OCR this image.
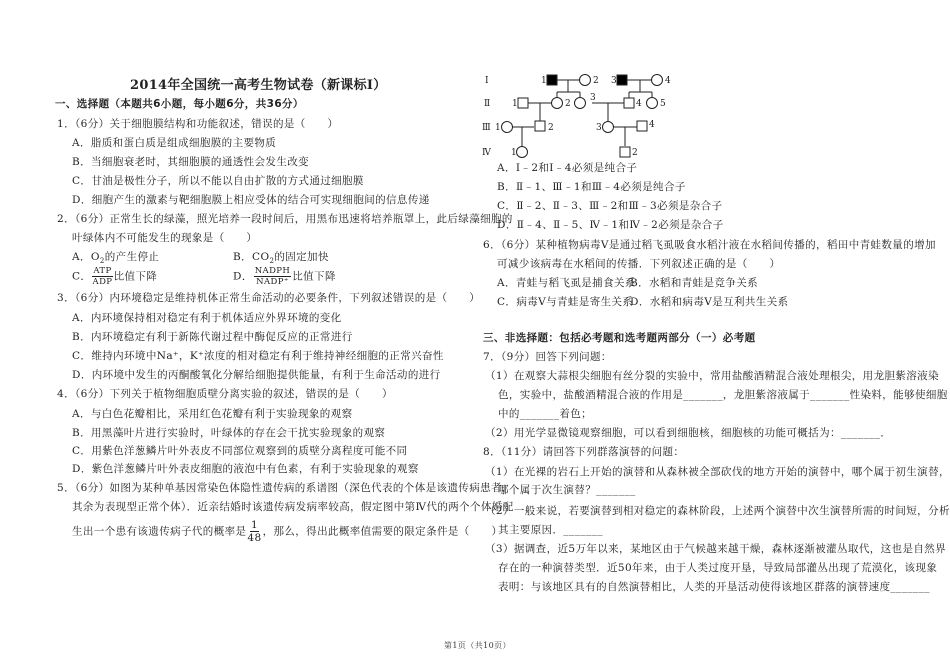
2014年全国统一高考生物试卷（新课标Ⅰ）
一、选择题（本题共6小题，每小题6分，共36分）
1．（6分）关于细胞膜结构和功能叙述，错误的是（　　）
A．脂质和蛋白质是组成细胞膜的主要物质
B．当细胞衰老时，其细胞膜的通透性会发生改变
C．甘油是极性分子，所以不能以自由扩散的方式通过细胞膜
D．细胞产生的激素与靶细胞膜上相应受体的结合可实现细胞间的信息传递
2．（6分）正常生长的绿藻，照光培养一段时间后，用黑布迅速将培养瓶罩上，此后绿藻细胞的
叶绿体内不可能发生的现象是（　　）
A．$O_2$的产生停止	B．$CO_2$的固定加快
C． $\frac{\text{ATP}}{\text{ADP}}$ 比值下降	D． $\frac{\text{NADPH}}{\text{NADP⁺}}$ 比值下降
3．（6分）内环境稳定是维持机体正常生命活动的必要条件，下列叙述错误的是（　　）
A．内环境保持相对稳定有利于机体适应外界环境的变化
B．内环境稳定有利于新陈代谢过程中酶促反应的正常进行
C．维持内环境中Na⁺，K⁺浓度的相对稳定有利于维持神经细胞的正常兴奋性
D．内环境中发生的丙酮酸氧化分解给细胞提供能量，有利于生命活动的进行
4．（6分）下列关于植物细胞质壁分离实验的叙述，错误的是（　　）
A．与白色花瓣相比，采用红色花瓣有利于实验现象的观察
B．用黑藻叶片进行实验时，叶绿体的存在会干扰实验现象的观察
C．用紫色洋葱鳞片叶外表皮不同部位观察到的质壁分离程度可能不同
D．紫色洋葱鳞片叶外表皮细胞的液泡中有色素，有利于实验现象的观察
5．（6分）如图为某种单基因常染色体隐性遗传病的系谱图（深色代表的个体是该遗传病患者，
其余为表现型正常个体）．近亲结婚时该遗传病发病率较高，假定图中第Ⅳ代的两个个体婚配
生出一个患有该遗传病子代的概率是 $\frac{1}{48}$ ，那么，得出此概率值需要的限定条件是（　　）
Ⅰ
Ⅱ
Ⅲ
Ⅳ
1	2 3	4
1	2
3
4 5
1	2	3	4
1	2
A．Ⅰ﹣2和Ⅰ﹣4必须是纯合子
B．Ⅱ﹣1、Ⅲ﹣1和Ⅲ﹣4必须是纯合子
C．Ⅱ﹣2、Ⅱ﹣3、Ⅲ﹣2和Ⅲ﹣3必须是杂合子
D．Ⅱ﹣4、Ⅱ﹣5、Ⅳ﹣1和Ⅳ﹣2必须是杂合子
6．（6分）某种植物病毒V是通过稻飞虱吸食水稻汁液在水稻间传播的，稻田中青蛙数量的增加
可减少该病毒在水稻间的传播．下列叙述正确的是（　　）
A．青蛙与稻飞虱是捕食关系
B．水稻和青蛙是竞争关系
C．病毒V与青蛙是寄生关系
D．水稻和病毒V是互利共生关系
三、非选择题：包括必考题和选考题两部分（一）必考题
7．（9分）回答下列问题：
（1）在观察大蒜根尖细胞有丝分裂的实验中，常用盐酸酒精混合液处理根尖，用龙胆紫溶液染
色，实验中，盐酸酒精混合液的作用是_______，龙胆紫溶液属于_______性染料，能够使细胞
中的_______着色；
（2）用光学显微镜观察细胞，可以看到细胞核，细胞核的功能可概括为：_______．
8．（11分）请回答下列群落演替的问题：
（1）在光裸的岩石上开始的演替和从森林被全部砍伐的地方开始的演替中，哪个属于初生演替，
哪个属于次生演替？_______
（2）一般来说，若要演替到相对稳定的森林阶段，上述两个演替中次生演替所需的时间短，分析
其主要原因．_______
（3）据调查，近5万年以来，某地区由于气候越来越干燥，森林逐渐被灌丛取代，这也是自然界
存在的一种演替类型．近50年来，由于人类过度开垦，导致局部灌丛出现了荒漠化，该现象
表明：与该地区具有的自然演替相比，人类的开垦活动使得该地区群落的演替速度_______
第1页（共10页）
